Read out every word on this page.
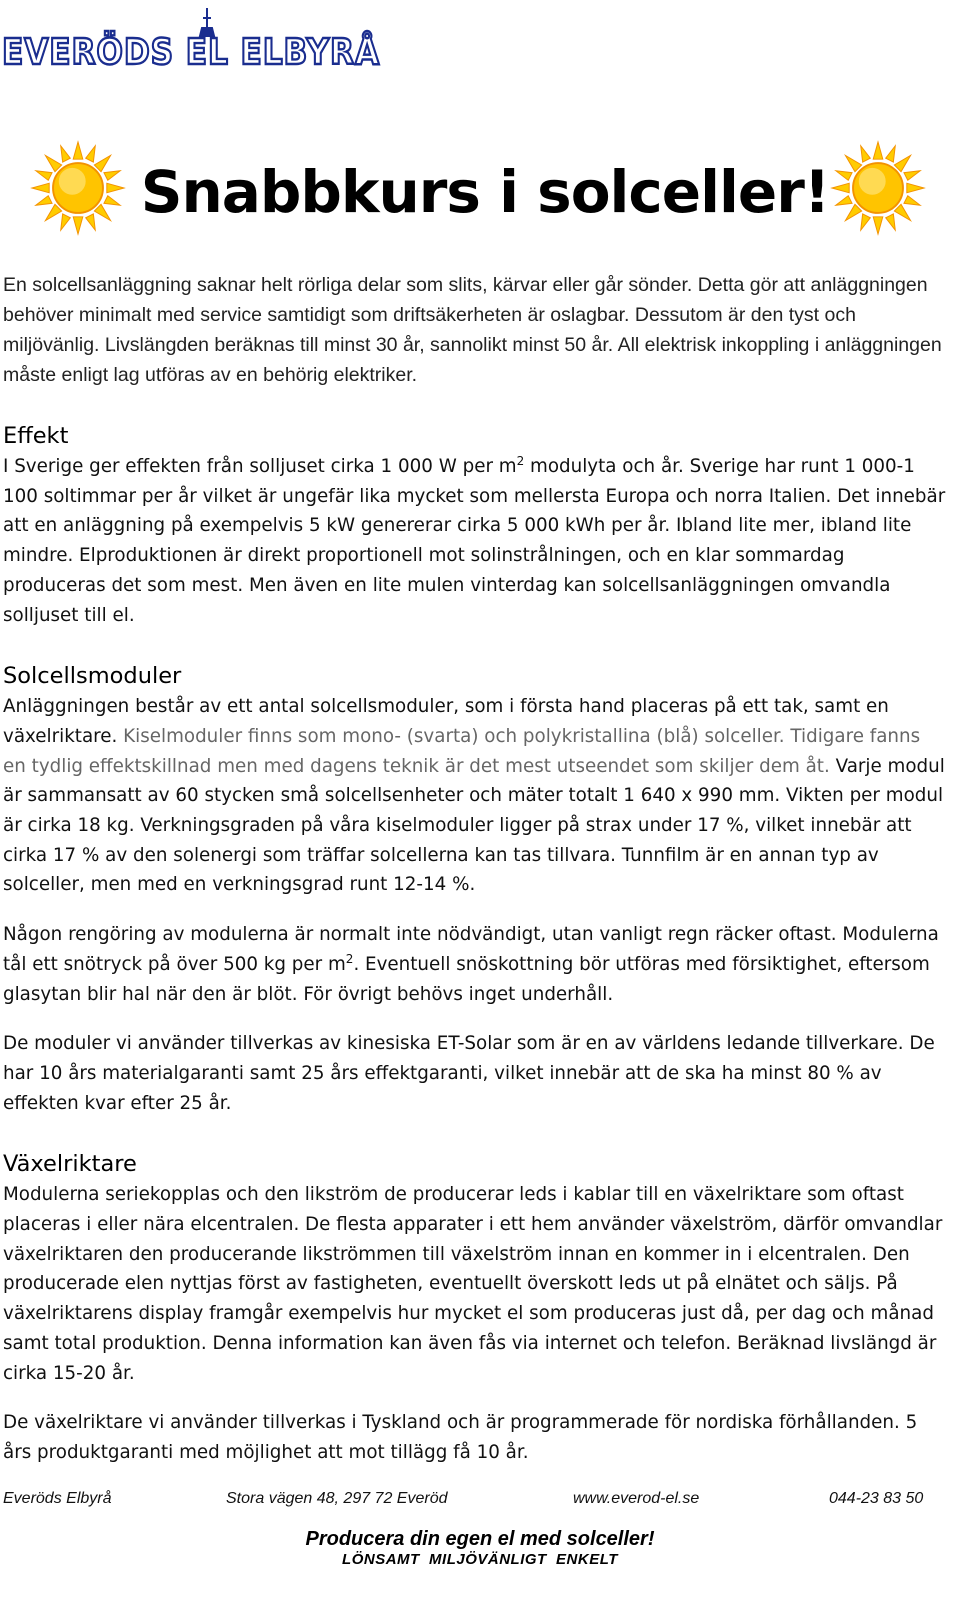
EVERÖDS EL ELBYRÅ
Snabbkurs i solceller!

En solcellsanläggning saknar helt rörliga delar som slits, kärvar eller går sönder. Detta gör att anläggningen behöver minimalt med service samtidigt som driftsäkerheten är oslagbar. Dessutom är den tyst och miljövänlig. Livslängden beräknas till minst 30 år, sannolikt minst 50 år. All elektrisk inkoppling i anläggningen måste enligt lag utföras av en behörig elektriker.

Effekt

I Sverige ger effekten från solljuset cirka 1 000 W per $m^2$ modulyta och år. Sverige har runt 1 000-1 100 soltimmar per år vilket är ungefär lika mycket som mellersta Europa och norra Italien. Det innebär att en anläggning på exempelvis 5 kW genererar cirka 5 000 kWh per år. Ibland lite mer, ibland lite mindre. Elproduktionen är direkt proportionell mot solinstrålningen, och en klar sommardag produceras det som mest. Men även en lite mulen vinterdag kan solcellsanläggningen omvandla solljuset till el.

Solcellsmoduler

Anläggningen består av ett antal solcellsmoduler, som i första hand placeras på ett tak, samt en växelriktare. Kiselmoduler finns som mono- (svarta) och polykristallina (blå) solceller. Tidigare fanns en tydlig effektskillnad men med dagens teknik är det mest utseendet som skiljer dem åt. Varje modul är sammansatt av 60 stycken små solcellsenheter och mäter totalt 1 640 x 990 mm. Vikten per modul är cirka 18 kg. Verkningsgraden på våra kiselmoduler ligger på strax under 17 %, vilket innebär att cirka 17 % av den solenergi som träffar solcellerna kan tas tillvara. Tunnfilm är en annan typ av solceller, men med en verkningsgrad runt 12-14 %.

Någon rengöring av modulerna är normalt inte nödvändigt, utan vanligt regn räcker oftast. Modulerna tål ett snötryck på över 500 kg per $m^2$. Eventuell snöskottning bör utföras med försiktighet, eftersom glasytan blir hal när den är blöt. För övrigt behövs inget underhåll.

De moduler vi använder tillverkas av kinesiska ET-Solar som är en av världens ledande tillverkare. De har 10 års materialgaranti samt 25 års effektgaranti, vilket innebär att de ska ha minst 80 % av effekten kvar efter 25 år.

Växelriktare

Modulerna seriekopplas och den likström de producerar leds i kablar till en växelriktare som oftast placeras i eller nära elcentralen. De flesta apparater i ett hem använder växelström, därför omvandlar växelriktaren den producerande likströmmen till växelström innan en kommer in i elcentralen. Den producerade elen nyttjas först av fastigheten, eventuellt överskott leds ut på elnätet och säljs. På växelriktarens display framgår exempelvis hur mycket el som produceras just då, per dag och månad samt total produktion. Denna information kan även fås via internet och telefon. Beräknad livslängd är cirka 15-20 år.

De växelriktare vi använder tillverkas i Tyskland och är programmerade för nordiska förhållanden. 5 års produktgaranti med möjlighet att mot tillägg få 10 år.

Everöds Elbyrå	Stora vägen 48, 297 72 Everöd	www.everod-el.se	044-23 83 50
Producera din egen el med solceller!
LÖNSAMT  MILJÖVÄNLIGT  ENKELT
